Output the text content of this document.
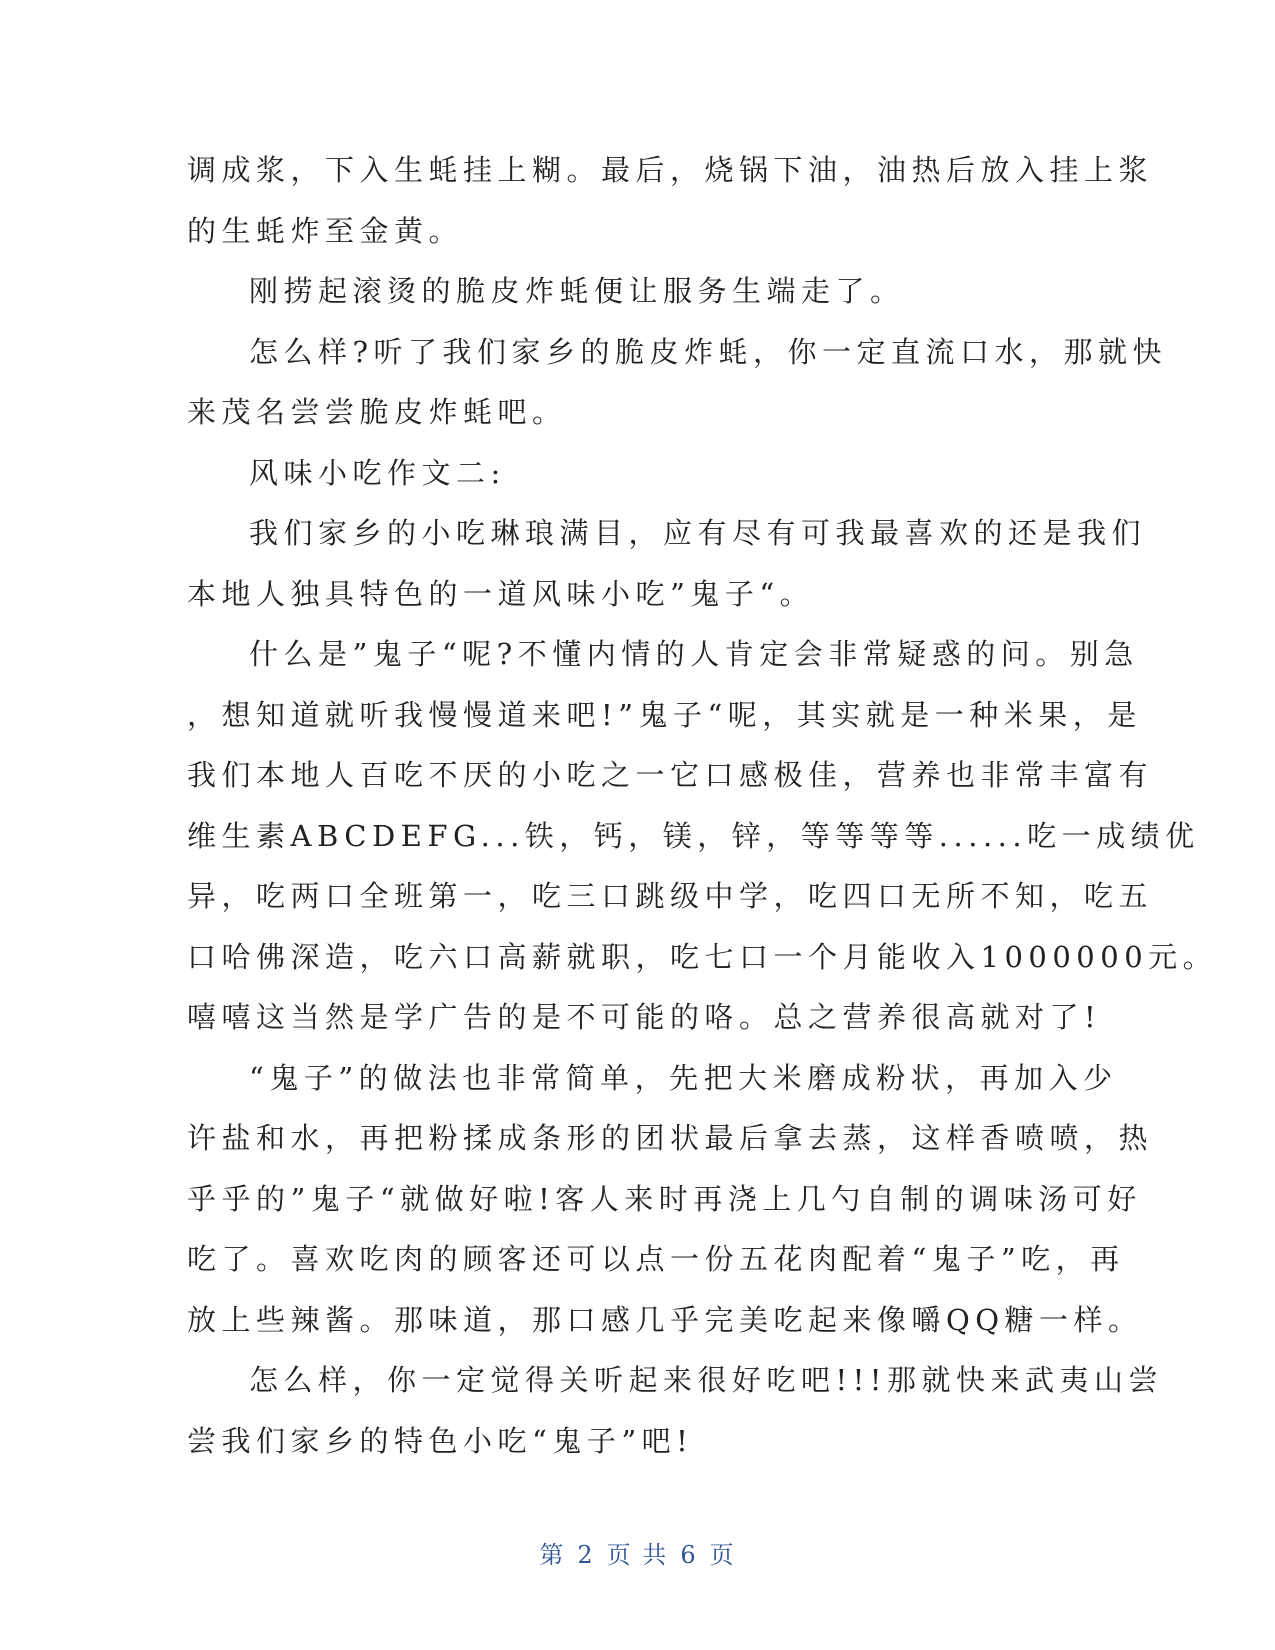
调成浆，下入生蚝挂上糊。最后，烧锅下油，油热后放入挂上浆
的生蚝炸至金黄。
刚捞起滚烫的脆皮炸蚝便让服务生端走了。
怎么样?听了我们家乡的脆皮炸蚝，你一定直流口水，那就快
来茂名尝尝脆皮炸蚝吧。
风味小吃作文二:
我们家乡的小吃琳琅满目，应有尽有可我最喜欢的还是我们
本地人独具特色的一道风味小吃”鬼子“。
什么是”鬼子“呢?不懂内情的人肯定会非常疑惑的问。别急
，想知道就听我慢慢道来吧!”鬼子“呢，其实就是一种米果，是
我们本地人百吃不厌的小吃之一它口感极佳，营养也非常丰富有
维生素ABCDEFG...铁，钙，镁，锌，等等等等......吃一成绩优
异，吃两口全班第一，吃三口跳级中学，吃四口无所不知，吃五
口哈佛深造，吃六口高薪就职，吃七口一个月能收入1000000元。
嘻嘻这当然是学广告的是不可能的咯。总之营养很高就对了!
“鬼子”的做法也非常简单，先把大米磨成粉状，再加入少
许盐和水，再把粉揉成条形的团状最后拿去蒸，这样香喷喷，热
乎乎的”鬼子“就做好啦!客人来时再浇上几勺自制的调味汤可好
吃了。喜欢吃肉的顾客还可以点一份五花肉配着“鬼子”吃，再
放上些辣酱。那味道，那口感几乎完美吃起来像嚼QQ糖一样。
怎么样，你一定觉得关听起来很好吃吧!!!那就快来武夷山尝
尝我们家乡的特色小吃“鬼子”吧!
第 2 页 共 6 页
